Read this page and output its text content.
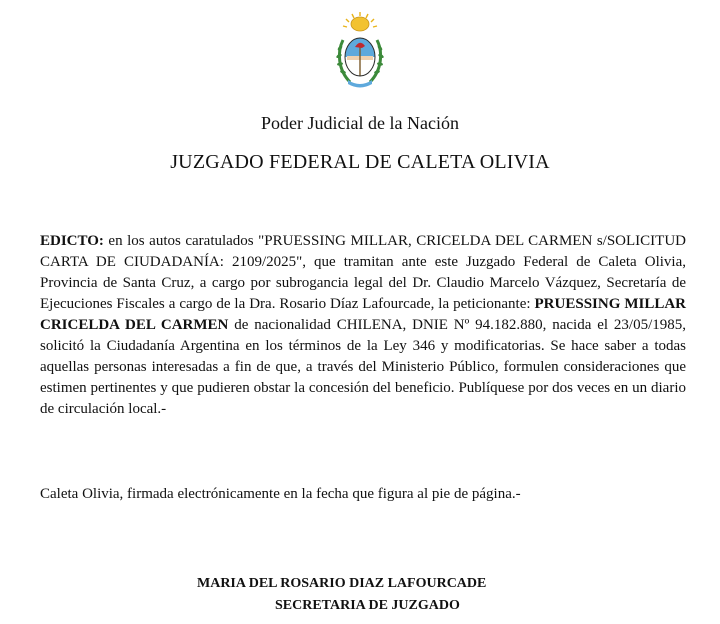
Poder Judicial de la Nación
JUZGADO FEDERAL DE CALETA OLIVIA

EDICTO: en los autos caratulados "PRUESSING MILLAR, CRICELDA DEL CARMEN s/SOLICITUD CARTA DE CIUDADANÍA: 2109/2025", que tramitan ante este Juzgado Federal de Caleta Olivia, Provincia de Santa Cruz, a cargo por subrogancia legal del Dr. Claudio Marcelo Vázquez, Secretaría de Ejecuciones Fiscales a cargo de la Dra. Rosario Díaz Lafourcade, la peticionante: PRUESSING MILLAR CRICELDA DEL CARMEN de nacionalidad CHILENA, DNIE Nº 94.182.880, nacida el 23/05/1985, solicitó la Ciudadanía Argentina en los términos de la Ley 346 y modificatorias. Se hace saber a todas aquellas personas interesadas a fin de que, a través del Ministerio Público, formulen consideraciones que estimen pertinentes y que pudieren obstar la concesión del beneficio. Publíquese por dos veces en un diario de circulación local.-

Caleta Olivia, firmada electrónicamente en la fecha que figura al pie de página.-

MARIA DEL ROSARIO DIAZ LAFOURCADE
SECRETARIA DE JUZGADO
